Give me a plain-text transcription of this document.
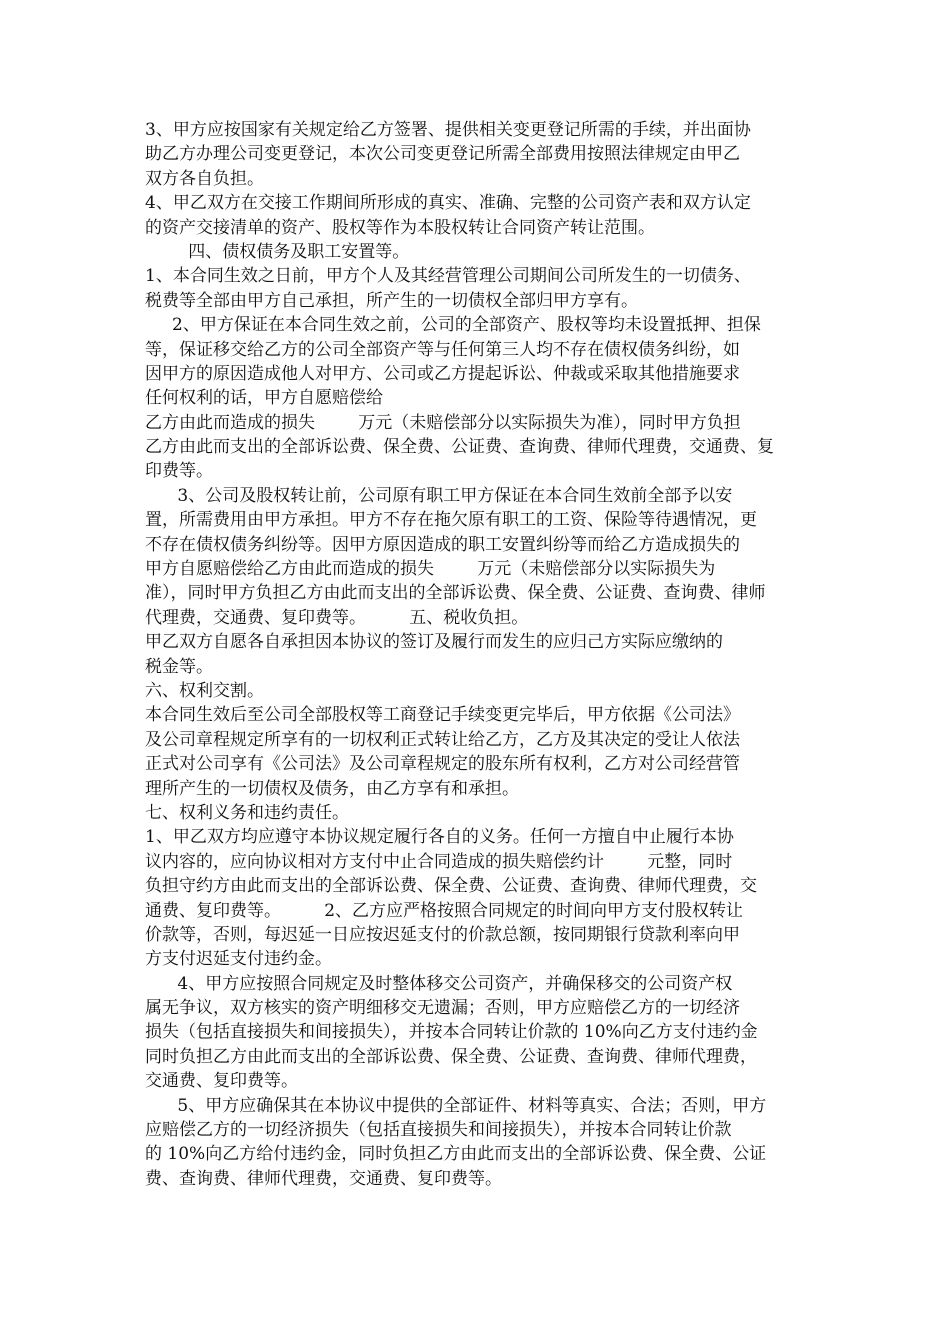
3、甲方应按国家有关规定给乙方签署、提供相关变更登记所需的手续，并出面协
助乙方办理公司变更登记，本次公司变更登记所需全部费用按照法律规定由甲乙
双方各自负担。
4、甲乙双方在交接工作期间所形成的真实、准确、完整的公司资产表和双方认定
的资产交接清单的资产、股权等作为本股权转让合同资产转让范围。
四、债权债务及职工安置等。
1、本合同生效之日前，甲方个人及其经营管理公司期间公司所发生的一切债务、
税费等全部由甲方自己承担，所产生的一切债权全部归甲方享有。
2、甲方保证在本合同生效之前，公司的全部资产、股权等均未设置抵押、担保
等，保证移交给乙方的公司全部资产等与任何第三人均不存在债权债务纠纷，如
因甲方的原因造成他人对甲方、公司或乙方提起诉讼、仲裁或采取其他措施要求
任何权利的话，甲方自愿赔偿给
乙方由此而造成的损失        万元（未赔偿部分以实际损失为准），同时甲方负担
乙方由此而支出的全部诉讼费、保全费、公证费、查询费、律师代理费，交通费、复
印费等。
3、公司及股权转让前，公司原有职工甲方保证在本合同生效前全部予以安
置，所需费用由甲方承担。甲方不存在拖欠原有职工的工资、保险等待遇情况，更
不存在债权债务纠纷等。因甲方原因造成的职工安置纠纷等而给乙方造成损失的
甲方自愿赔偿给乙方由此而造成的损失        万元（未赔偿部分以实际损失为
准），同时甲方负担乙方由此而支出的全部诉讼费、保全费、公证费、查询费、律师
代理费，交通费、复印费等。        五、税收负担。
甲乙双方自愿各自承担因本协议的签订及履行而发生的应归己方实际应缴纳的
税金等。
六、权利交割。
本合同生效后至公司全部股权等工商登记手续变更完毕后，甲方依据《公司法》
及公司章程规定所享有的一切权利正式转让给乙方，乙方及其决定的受让人依法
正式对公司享有《公司法》及公司章程规定的股东所有权利，乙方对公司经营管
理所产生的一切债权及债务，由乙方享有和承担。
七、权利义务和违约责任。
1、甲乙双方均应遵守本协议规定履行各自的义务。任何一方擅自中止履行本协
议内容的，应向协议相对方支付中止合同造成的损失赔偿约计        元整，同时
负担守约方由此而支出的全部诉讼费、保全费、公证费、查询费、律师代理费，交
通费、复印费等。        2、乙方应严格按照合同规定的时间向甲方支付股权转让
价款等，否则，每迟延一日应按迟延支付的价款总额，按同期银行贷款利率向甲
方支付迟延支付违约金。
4、甲方应按照合同规定及时整体移交公司资产，并确保移交的公司资产权
属无争议，双方核实的资产明细移交无遗漏；否则，甲方应赔偿乙方的一切经济
损失（包括直接损失和间接损失），并按本合同转让价款的 10%向乙方支付违约金
同时负担乙方由此而支出的全部诉讼费、保全费、公证费、查询费、律师代理费，
交通费、复印费等。
5、甲方应确保其在本协议中提供的全部证件、材料等真实、合法；否则，甲方
应赔偿乙方的一切经济损失（包括直接损失和间接损失），并按本合同转让价款
的 10%向乙方给付违约金，同时负担乙方由此而支出的全部诉讼费、保全费、公证
费、查询费、律师代理费，交通费、复印费等。
